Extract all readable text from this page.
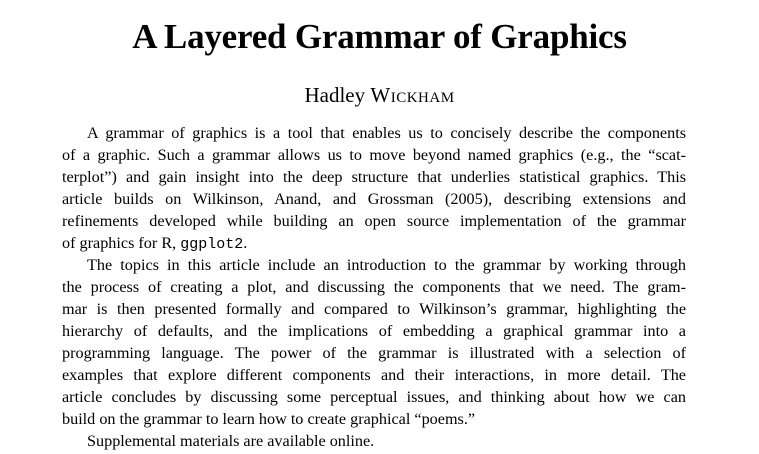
A Layered Grammar of Graphics
Hadley Wickham
A grammar of graphics is a tool that enables us to concisely describe the components
of a graphic. Such a grammar allows us to move beyond named graphics (e.g., the “scat-
terplot”) and gain insight into the deep structure that underlies statistical graphics. This
article builds on Wilkinson, Anand, and Grossman (2005), describing extensions and
refinements developed while building an open source implementation of the grammar
of graphics for R, ggplot2.
The topics in this article include an introduction to the grammar by working through
the process of creating a plot, and discussing the components that we need. The gram-
mar is then presented formally and compared to Wilkinson’s grammar, highlighting the
hierarchy of defaults, and the implications of embedding a graphical grammar into a
programming language. The power of the grammar is illustrated with a selection of
examples that explore different components and their interactions, in more detail. The
article concludes by discussing some perceptual issues, and thinking about how we can
build on the grammar to learn how to create graphical “poems.”
Supplemental materials are available online.
